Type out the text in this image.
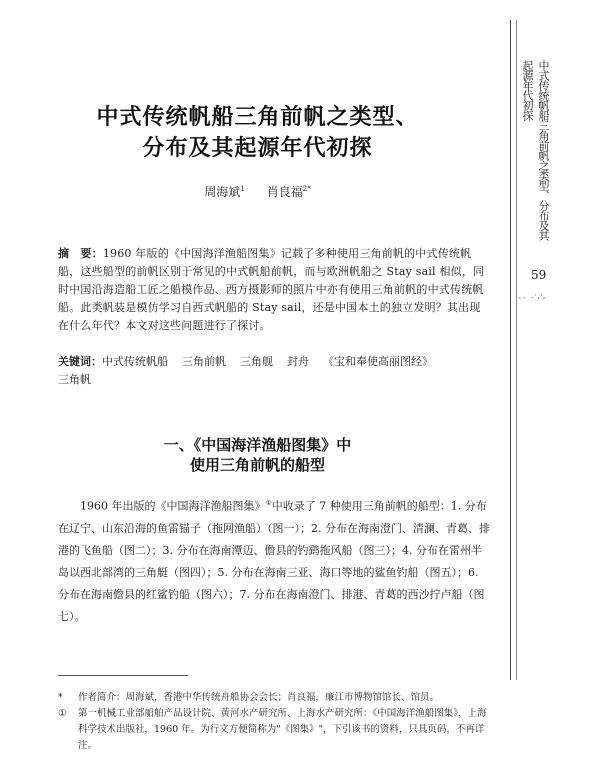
中式传统帆船三角前帆之类型、分布及其
起源年代初探
59
·、、.·,·,
中式传统帆船三角前帆之类型、
分布及其起源年代初探
周海斌$^1$ 肖良福$^{2*}$

摘　要：1960 年版的《中国海洋渔船图集》记载了多种使用三角前帆的中式传统帆船，这些船型的前帆区别于常见的中式帆船前帆，而与欧洲帆船之 Stay sail 相似，同时中国沿海造船工匠之船模作品、西方摄影师的照片中亦有使用三角前帆的中式传统帆船。此类帆装是模仿学习自西式帆船的 Stay sail，还是中国本土的独立发明？其出现在什么年代？本文对这些问题进行了探讨。

关键词：中式传统帆船 三角前帆 三角舰 封舟 《宝和奉使高丽图经》
三角帆
一、《中国海洋渔船图集》中
使用三角前帆的船型

1960 年出版的《中国海洋渔船图集》①中收录了 7 种使用三角前帆的船型：1. 分布在辽宁、山东沿海的鱼雷锚子（拖网渔船）（图一）；2. 分布在海南澄门、清澜、青葛、排港的飞鱼船（图二）；3. 分布在海南潭迈、儋县的钓鹞拖风船（图三）；4. 分布在雷州半岛以西北部湾的三角艇（图四）；5. 分布在海南三亚、海口等地的鲨鱼钓船（图五）；6. 分布在海南儋县的红鲨钓船（图六）；7. 分布在海南澄门、排港、青葛的西沙拧卢船（图七）。

* 作者简介：周海斌，香港中华传统舟船协会会长；肖良福，廉江市博物馆馆长、馆员。
① 第一机械工业部船舶产品设计院、黄河水产研究所、上海水产研究所：《中国海洋渔船图集》，上海科学技术出版社，1960 年。为行文方便简称为"《图集》"，下引该书的资料，只具页码，不再详注。
